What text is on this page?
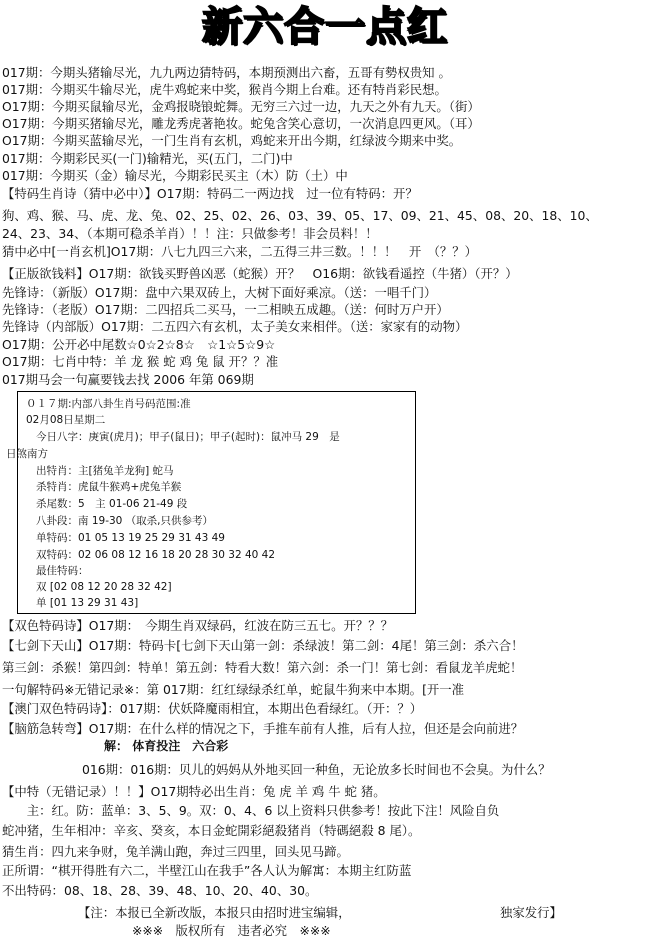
新六合一点红
017期：今期头猪输尽光，九九两边猜特码，本期预测出六畜，五哥有勢权贵知 。
017期：今期买牛输尽光，虎牛鸡蛇来中奖，猴肖今期上台难。还有特肖彩民想。
O17期：今期买鼠输尽光，金鸡报晓锒蛇舞。无穷三六过一边，九天之外有九天。（街）
O17期：今期买猪输尽光，雕龙秀虎著艳妆。蛇兔含笑心意切，一次消息四更风。（耳）
O17期：今期买蓝输尽光，一门生肖有玄机，鸡蛇来开出今期，红绿波今期来中奖。
017期：今期彩民买(一门)输精光，买(五门，二门)中
017期：今期买（金）输尽光，今期彩民买主（木）防（土）中
【特码生肖诗（猜中必中）】O17期：特码二一两边找　过一位有特码：开？
狗、鸡、猴、马、虎、龙、兔、02、25、02、26、03、39、05、17、09、21、45、08、20、18、10、
24、23、34、（本期可稳杀羊肖）！！注：只做参考！非会员料！！
猜中必中[一肖玄机]O17期：八七九四三六来，二五得三井三数。！！！　开　（？？）
【正版欲钱料】O17期：欲钱买野兽凶恶（蛇猴）开？　O16期：欲钱看遥控（牛猪）（开？）
先锋诗：（新版）O17期：盘中六果双砖上，大树下面好乘凉。（送：一唱千门）
先锋诗：（老版）O17期：二四招兵二买马，一二相映五成趣。（送：何时万户开）
先锋诗（内部版）O17期：二五四六有玄机，太子美女来相伴。（送：家家有的动物）
O17期：公开必中尾数☆0☆2☆8☆　☆1☆5☆9☆
O17期：七肖中特：羊 龙 猴 蛇 鸡 兔 鼠 开？？准
017期马会一句赢要钱去找 2006 年第 069期
０１７期:内部八卦生肖号码范围:准
02月08日星期二
今日八字：庚寅(虎月)；甲子(鼠日)；甲子(起时)：鼠冲马 29　是
日煞南方
出特肖：主[猪兔羊龙狗] 蛇马
杀特肖：虎鼠牛猴鸡+虎兔羊猴
杀尾数：5　主 01-06 21-49 段
八卦段：南 19-30 （取杀,只供参考）
单特码：01 05 13 19 25 29 31 43 49
双特码：02 06 08 12 16 18 20 28 30 32 40 42
最佳特码：
双 [02 08 12 20 28 32 42]
单 [01 13 29 31 43]
【双色特码诗】O17期：　今期生肖双绿码，红波在防三五七。开？？？
【七剑下天山】O17期：特码卡[七剑下天山第一剑：杀绿波！第二剑：4尾！第三剑：杀六合！
第三剑：杀猴！第四剑：特单！第五剑：特看大数！第六剑：杀一门！第七剑：看鼠龙羊虎蛇！
一句解特码※无错记录※：第 017期：红红绿绿杀红单，蛇鼠牛狗来中本期。[开一准
【澳门双色特码诗】：017期：伏妖降魔雨相宜，本期出色看绿红。（开：？）
【脑筋急转弯】O17期：在什么样的情况之下，手推车前有人推，后有人拉，但还是会向前进？
解： 体育投注　六合彩
016期：016期：贝儿的妈妈从外地买回一种鱼，无论放多长时间也不会臭。为什么？
【中特（无错记录）！！】O17期特必出生肖：兔 虎 羊 鸡 牛 蛇 猪。
　　主：红。防：蓝单：3、5、9。双：0、4、6 以上资料只供参考！按此下注！风险自负
蛇冲猪，生年相冲：辛亥、癸亥，本日金蛇開彩絕殺猪肖（特碼絕殺 8 尾）。
猜生肖：四九来争财，兔羊满山跑，奔过三四里，回头见马蹄。
正所谓：“棋开得胜有六二，半壁江山在我手”各人认为解寓：本期主红防蓝
不出特码：08、18、28、39、48、10、20、40、30。
【注：本报已全新改版，本报只由招时进宝编辑，	独家发行】
※※※　版权所有　违者必究　※※※
